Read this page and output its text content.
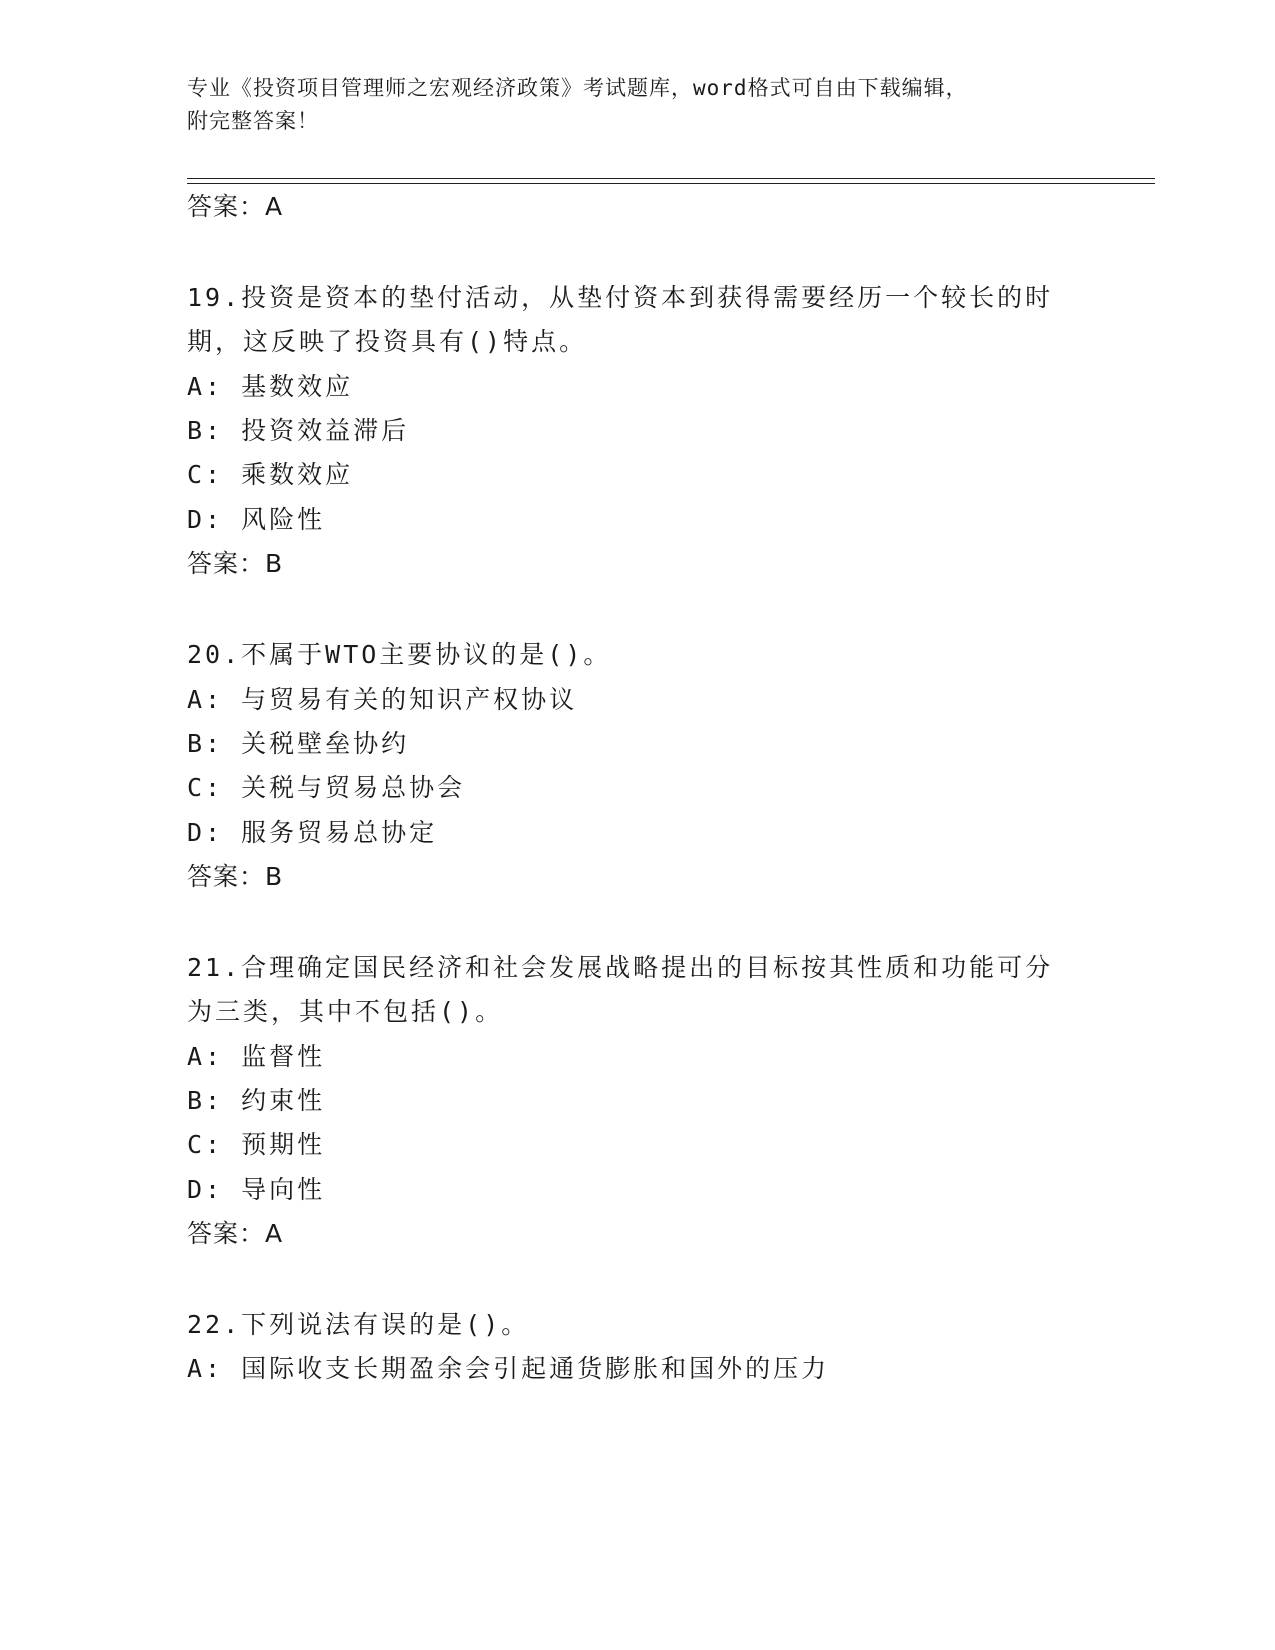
专业《投资项目管理师之宏观经济政策》考试题库，word格式可自由下载编辑，
附完整答案！
答案：A
19.投资是资本的垫付活动，从垫付资本到获得需要经历一个较长的时
期，这反映了投资具有()特点。
A: 基数效应
B: 投资效益滞后
C: 乘数效应
D: 风险性
答案：B
20.不属于WTO主要协议的是()。
A: 与贸易有关的知识产权协议
B: 关税壁垒协约
C: 关税与贸易总协会
D: 服务贸易总协定
答案：B
21.合理确定国民经济和社会发展战略提出的目标按其性质和功能可分
为三类，其中不包括()。
A: 监督性
B: 约束性
C: 预期性
D: 导向性
答案：A
22.下列说法有误的是()。
A: 国际收支长期盈余会引起通货膨胀和国外的压力
